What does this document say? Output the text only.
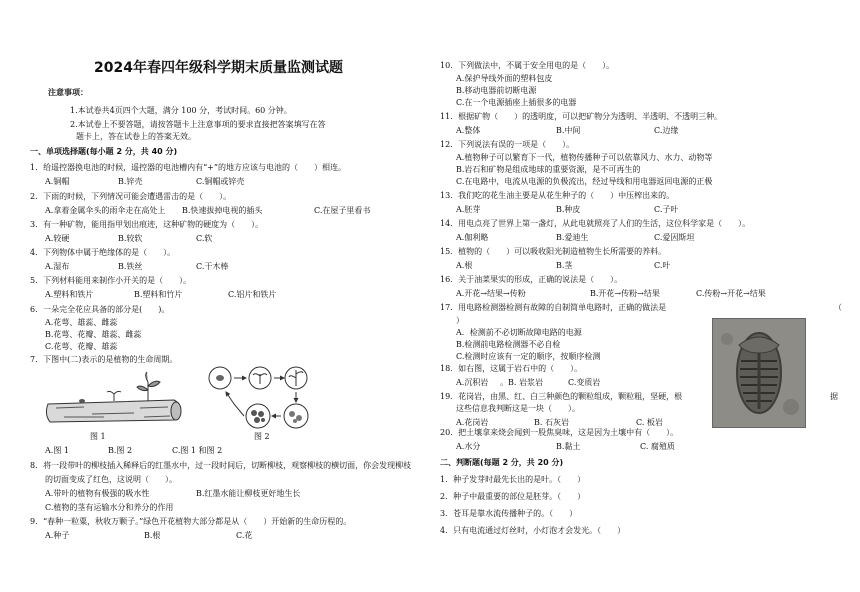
2024年春四年级科学期末质量监测试题
注意事项：
1.本试卷共4页四个大题，满分 100 分，考试时间。60 分钟。
2.本试卷上不要答题，请按答题卡上注意事项的要求直接把答案填写在答
题卡上，答在试卷上的答案无效。
一、单项选择题(每小题 2 分，共 40 分)
1．给遥控器换电池的时候，遥控器的电池槽内有“+”的地方应该与电池的（　　）相连。
A.铜帽	B.锌壳	C.铜帽或锌壳
2．下雨的时候，下列情况可能会遭遇雷击的是（　　）。
A.拿着金属伞头的雨伞走在高处上 B.快速拔掉电视的插头	C.在屋子里看书
3．有一种矿物，能用指甲划出痕迹，这种矿物的硬度为（　　）。
A.较硬	B.较软	C.软
4．下列物体中属于绝缘体的是（　　）。
A.湿布	B.铁丝	C.干木棒
5．下列材料能用来制作小开关的是（　　）。
A.塑料和铁片	B.塑料和竹片	C.铝片和铁片
6．一朵完全花应具备的部分是(　　)。
A.花萼、雄蕊、雌蕊
B.花萼、花瓣、雄蕊、雌蕊
C.花萼、花瓣、雄蕊
7．下图中(二)表示的是植物的生命周期。
图 1	图 2
A.图 1	B.图 2	C.图 1 和图 2
8．将一段带叶的柳枝插入稀释后的红墨水中，过一段时间后，切断柳枝，观察柳枝的横切面，你会发现柳枝
的切面变成了红色，这说明（　　）。
A.带叶的植物有极强的吸水性	B.红墨水能让柳枝更好地生长
C.植物的茎有运输水分和养分的作用
9．“春种一粒粟，秋收万颗子。”绿色开花植物大部分都是从（　　）开始新的生命历程的。
A.种子	B.根	C.花
10．下列做法中，不属于安全用电的是（　　）。
A.保护导线外面的塑料包皮
B.移动电器前切断电源
C.在一个电源插座上插很多的电器
11．根据矿物（　　）的透明度，可以把矿物分为透明、半透明、不透明三种。
A.整体	B.中间	C.边缘
12．下列说法有误的一项是（　　）。
A.植物种子可以繁育下一代，植物传播种子可以依靠风力、水力、动物等
B.岩石和矿物是组成地球的重要资源，是不可再生的
C.在电路中，电流从电源的负极流出，经过导线和用电器返回电源的正极
13．我们吃的花生油主要是从花生种子的（　　）中压榨出来的。
A.胚芽	B.种皮	C.子叶
14．用电点亮了世界上第一盏灯，从此电就照亮了人们的生活，这位科学家是（　　）。
A.伽利略	B.爱迪生	C.爱因斯坦
15．植物的（　　）可以吸收阳光制造植物生长所需要的养料。
A.根	B.茎	C.叶
16．关于油菜果实的形成，正确的说法是（　　）。
A.开花→结果→传粉	B.开花→传粉→结果	C.传粉→开花→结果
17．用电路检测器检测有故障的自制简单电路时，正确的做法是	（
）
A．检测前不必切断故障电路的电源
B.检测前电路检测器不必自检
C.检测时应该有一定的顺序，按顺序检测
18．如右图，这属于岩石中的（　　）。
A.沉积岩 。B. 岩浆岩	C.变质岩
19．花岗岩，由黑、红、白三种颜色的颗粒组成，颗粒粗，坚硬，根	据
这些信息我判断这是一块（　　）。
A.花岗岩	B. 石灰岩	C. 板岩
20．把土壤拿来烧会闻到一股焦臭味，这是因为土壤中有（　　）。
A.水分	B.黏土	C. 腐殖质
二、判断题(每题 2 分，共 20 分)
1．种子发芽时最先长出的是叶。（　　）
2．种子中最重要的部位是胚芽。（　　）
3．苍耳是靠水流传播种子的。（　　）
4．只有电流通过灯丝时，小灯泡才会发光。（　　）
